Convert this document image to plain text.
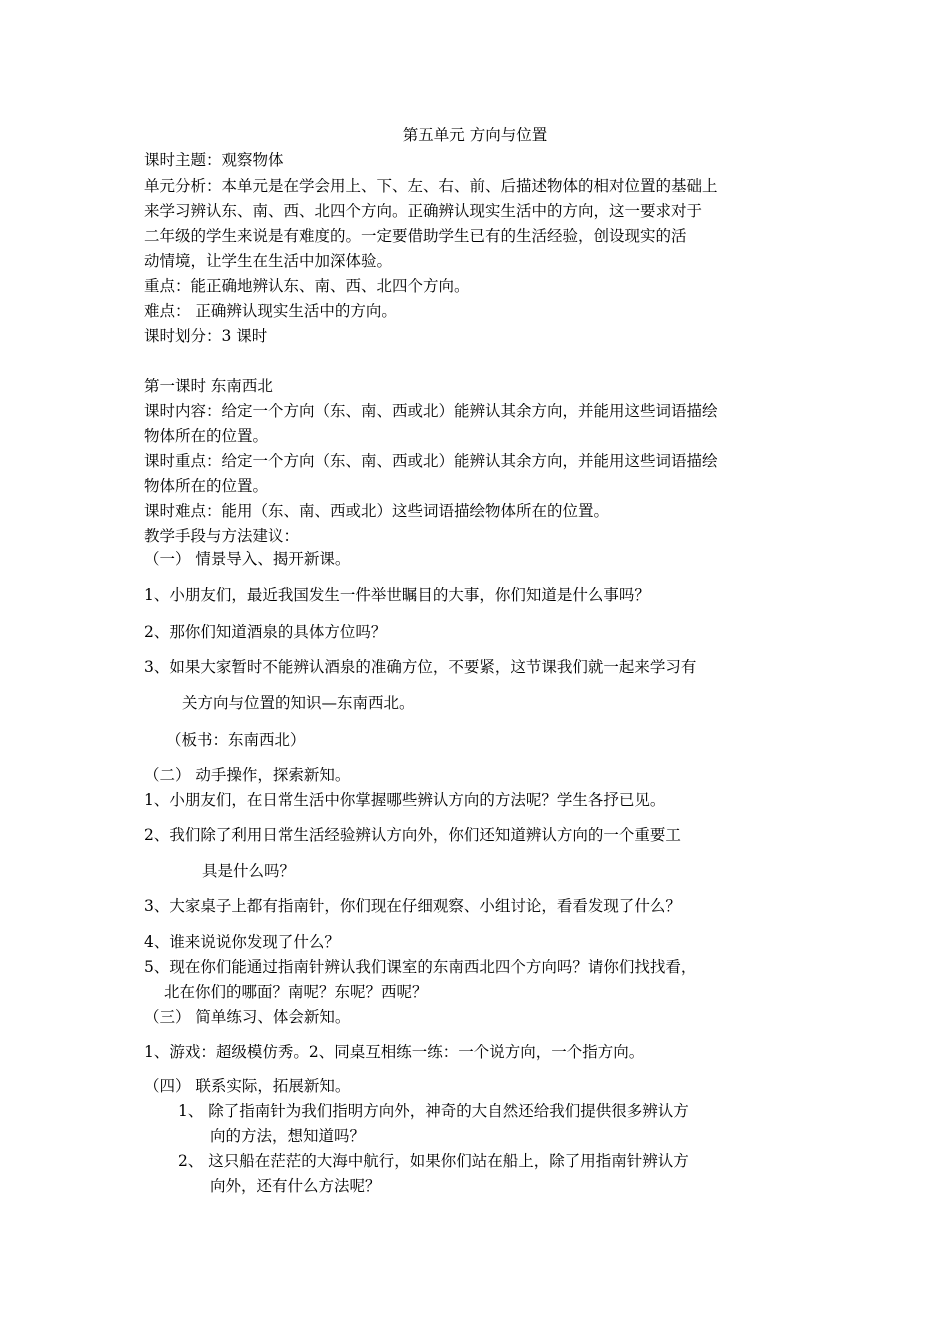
第五单元 方向与位置
课时主题：观察物体
单元分析：本单元是在学会用上、下、左、右、前、后描述物体的相对位置的基础上
来学习辨认东、南、西、北四个方向。正确辨认现实生活中的方向，这一要求对于
二年级的学生来说是有难度的。一定要借助学生已有的生活经验，创设现实的活
动情境，让学生在生活中加深体验。
重点：能正确地辨认东、南、西、北四个方向。
难点： 正确辨认现实生活中的方向。
课时划分：3 课时
第一课时 东南西北
课时内容：给定一个方向（东、南、西或北）能辨认其余方向，并能用这些词语描绘
物体所在的位置。
课时重点：给定一个方向（东、南、西或北）能辨认其余方向，并能用这些词语描绘
物体所在的位置。
课时难点：能用（东、南、西或北）这些词语描绘物体所在的位置。
教学手段与方法建议：
（一） 情景导入、揭开新课。
1、小朋友们，最近我国发生一件举世瞩目的大事，你们知道是什么事吗？
2、那你们知道酒泉的具体方位吗？
3、如果大家暂时不能辨认酒泉的准确方位，不要紧，这节课我们就一起来学习有
关方向与位置的知识—东南西北。
（板书：东南西北）
（二） 动手操作，探索新知。
1、小朋友们，在日常生活中你掌握哪些辨认方向的方法呢？学生各抒已见。
2、我们除了利用日常生活经验辨认方向外，你们还知道辨认方向的一个重要工
具是什么吗？
3、大家桌子上都有指南针，你们现在仔细观察、小组讨论，看看发现了什么？
4、谁来说说你发现了什么？
5、现在你们能通过指南针辨认我们课室的东南西北四个方向吗？请你们找找看，
北在你们的哪面？南呢？东呢？西呢？
（三） 简单练习、体会新知。
1、游戏：超级模仿秀。2、同桌互相练一练：一个说方向，一个指方向。
（四） 联系实际，拓展新知。
1、 除了指南针为我们指明方向外，神奇的大自然还给我们提供很多辨认方
向的方法，想知道吗？
2、 这只船在茫茫的大海中航行，如果你们站在船上，除了用指南针辨认方
向外，还有什么方法呢？
